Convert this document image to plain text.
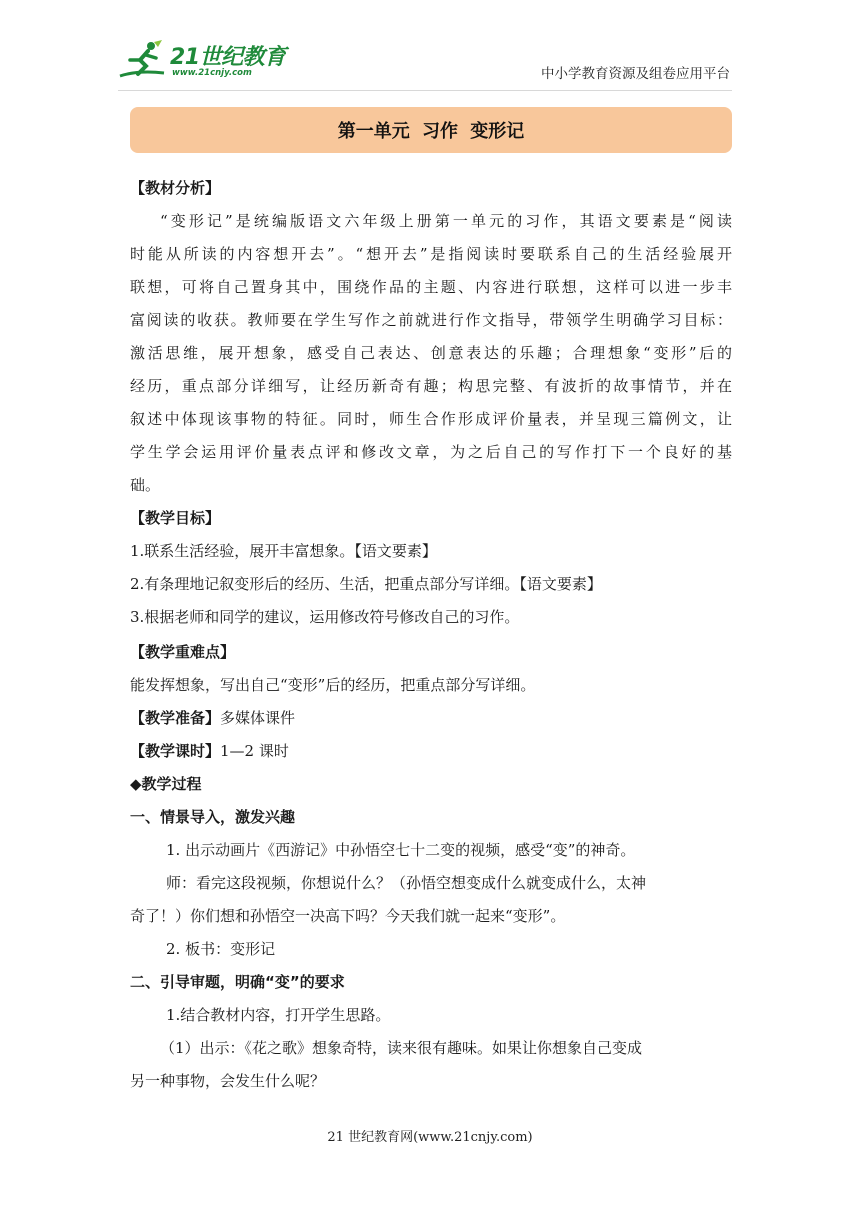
21世纪教育
www.21cnjy.com	中小学教育资源及组卷应用平台
第一单元 习作 变形记
【教材分析】
“变形记”是统编版语文六年级上册第一单元的习作，其语文要素是“阅读
时能从所读的内容想开去”。“想开去”是指阅读时要联系自己的生活经验展开
联想，可将自己置身其中，围绕作品的主题、内容进行联想，这样可以进一步丰
富阅读的收获。教师要在学生写作之前就进行作文指导，带领学生明确学习目标：
激活思维，展开想象，感受自己表达、创意表达的乐趣；合理想象“变形”后的
经历，重点部分详细写，让经历新奇有趣；构思完整、有波折的故事情节，并在
叙述中体现该事物的特征。同时，师生合作形成评价量表，并呈现三篇例文，让
学生学会运用评价量表点评和修改文章，为之后自己的写作打下一个良好的基
础。
【教学目标】
1.联系生活经验，展开丰富想象。【语文要素】
2.有条理地记叙变形后的经历、生活，把重点部分写详细。【语文要素】
3.根据老师和同学的建议，运用修改符号修改自己的习作。
【教学重难点】
能发挥想象，写出自己“变形”后的经历，把重点部分写详细。
【教学准备】多媒体课件
【教学课时】1—2 课时
◆教学过程
一、情景导入，激发兴趣
1. 出示动画片《西游记》中孙悟空七十二变的视频，感受“变”的神奇。
师：看完这段视频，你想说什么？（孙悟空想变成什么就变成什么，太神
奇了！）你们想和孙悟空一决高下吗？今天我们就一起来“变形”。
2. 板书：变形记
二、引导审题，明确“变”的要求
1.结合教材内容，打开学生思路。
（1）出示：《花之歌》想象奇特，读来很有趣味。如果让你想象自己变成
另一种事物，会发生什么呢？
21 世纪教育网(www.21cnjy.com)
